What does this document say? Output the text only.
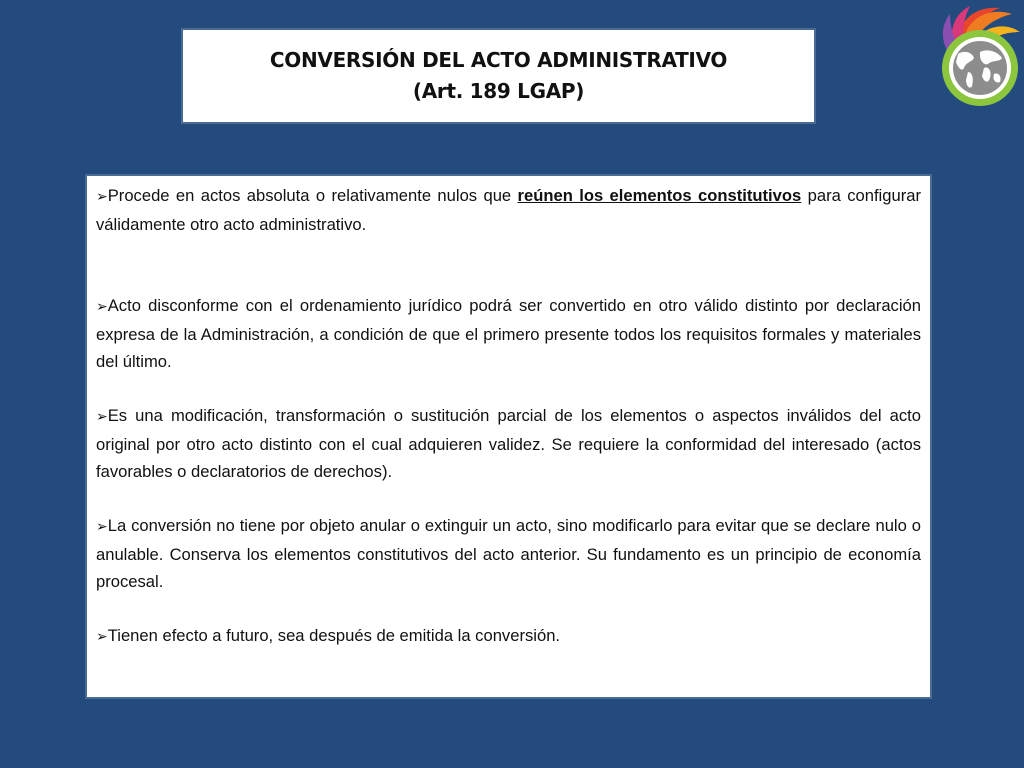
CONVERSIÓN DEL ACTO ADMINISTRATIVO
(Art. 189 LGAP)

➢Procede en actos absoluta o relativamente nulos que reúnen los elementos constitutivos para configurar válidamente otro acto administrativo.

➢Acto disconforme con el ordenamiento jurídico podrá ser convertido en otro válido distinto por declaración expresa de la Administración, a condición de que el primero presente todos los requisitos formales y materiales del último.

➢Es una modificación, transformación o sustitución parcial de los elementos o aspectos inválidos del acto original por otro acto distinto con el cual adquieren validez. Se requiere la conformidad del interesado (actos favorables o declaratorios de derechos).

➢La conversión no tiene por objeto anular o extinguir un acto, sino modificarlo para evitar que se declare nulo o anulable. Conserva los elementos constitutivos del acto anterior. Su fundamento es un principio de economía procesal.

➢Tienen efecto a futuro, sea después de emitida la conversión.
